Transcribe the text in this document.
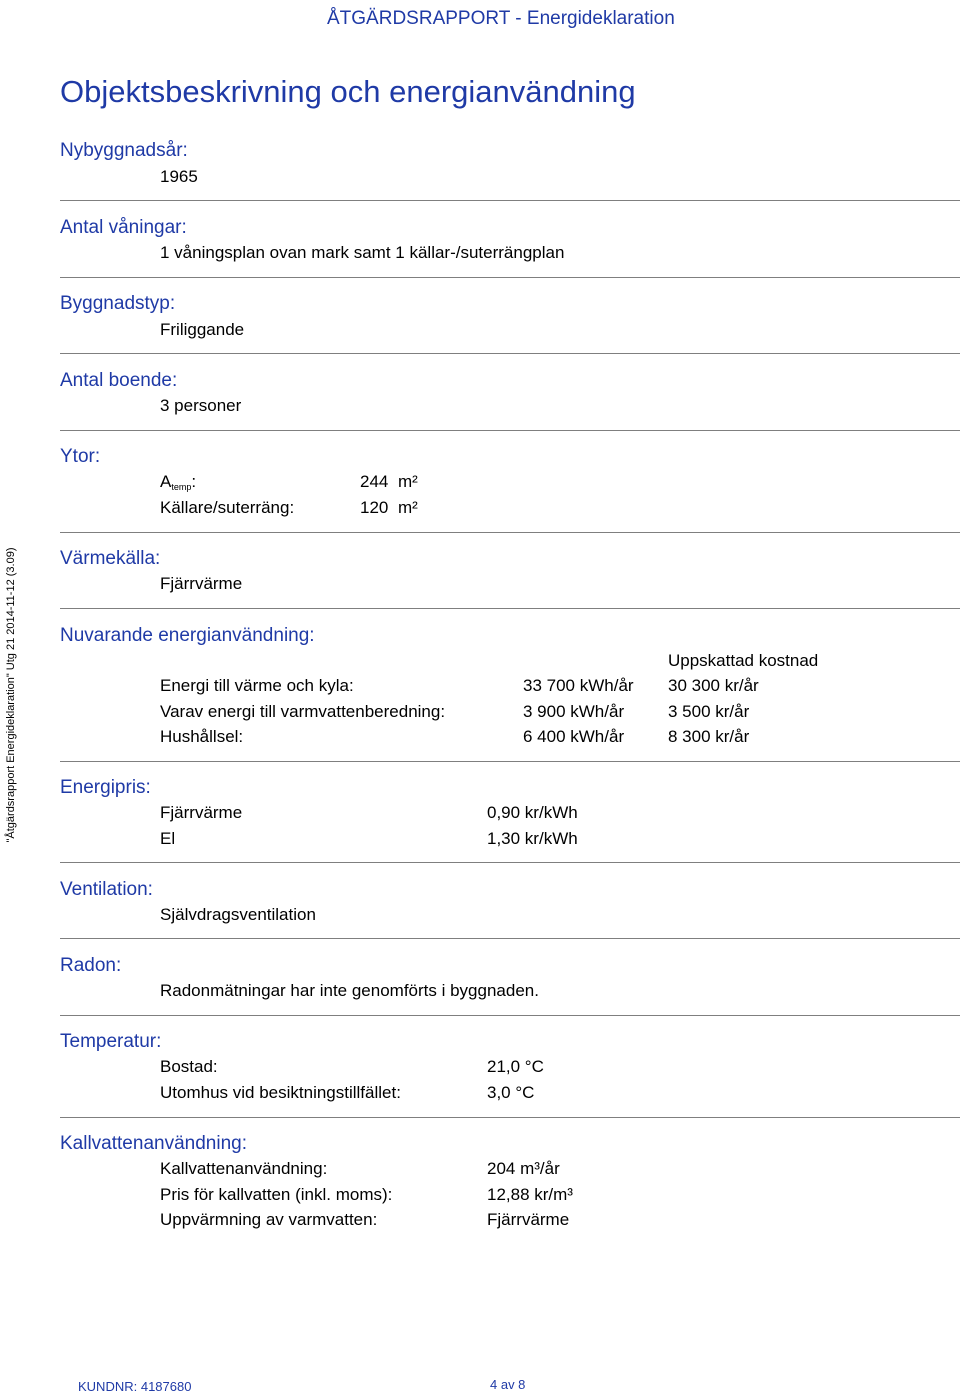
ÅTGÄRDSRAPPORT - Energideklaration
"Åtgärdsrapport Energideklaration" Utg 21 2014-11-12 (3.09)
Objektsbeskrivning och energianvändning
Nybyggnadsår:
1965
Antal våningar:
1 våningsplan ovan mark samt 1 källar-/suterrängplan
Byggnadstyp:
Friliggande
Antal boende:
3 personer
Ytor:
$A_{temp}$:	244 m²
Källare/suterräng:	120 m²
Värmekälla:
Fjärrvärme
Nuvarande energianvändning:
Uppskattad kostnad
Energi till värme och kyla:	33 700 kWh/år 30 300 kr/år
Varav energi till varmvattenberedning:	3 900 kWh/år	3 500 kr/år
Hushållsel:	6 400 kWh/år	8 300 kr/år
Energipris:
Fjärrvärme	0,90 kr/kWh
El	1,30 kr/kWh
Ventilation:
Självdragsventilation
Radon:
Radonmätningar har inte genomförts i byggnaden.
Temperatur:
Bostad:	21,0 °C
Utomhus vid besiktningstillfället:	3,0 °C
Kallvattenanvändning:
Kallvattenanvändning:	204 m³/år
Pris för kallvatten (inkl. moms):	12,88 kr/m³
Uppvärmning av varmvatten:	Fjärrvärme
KUNDNR: 4187680	4 av 8
